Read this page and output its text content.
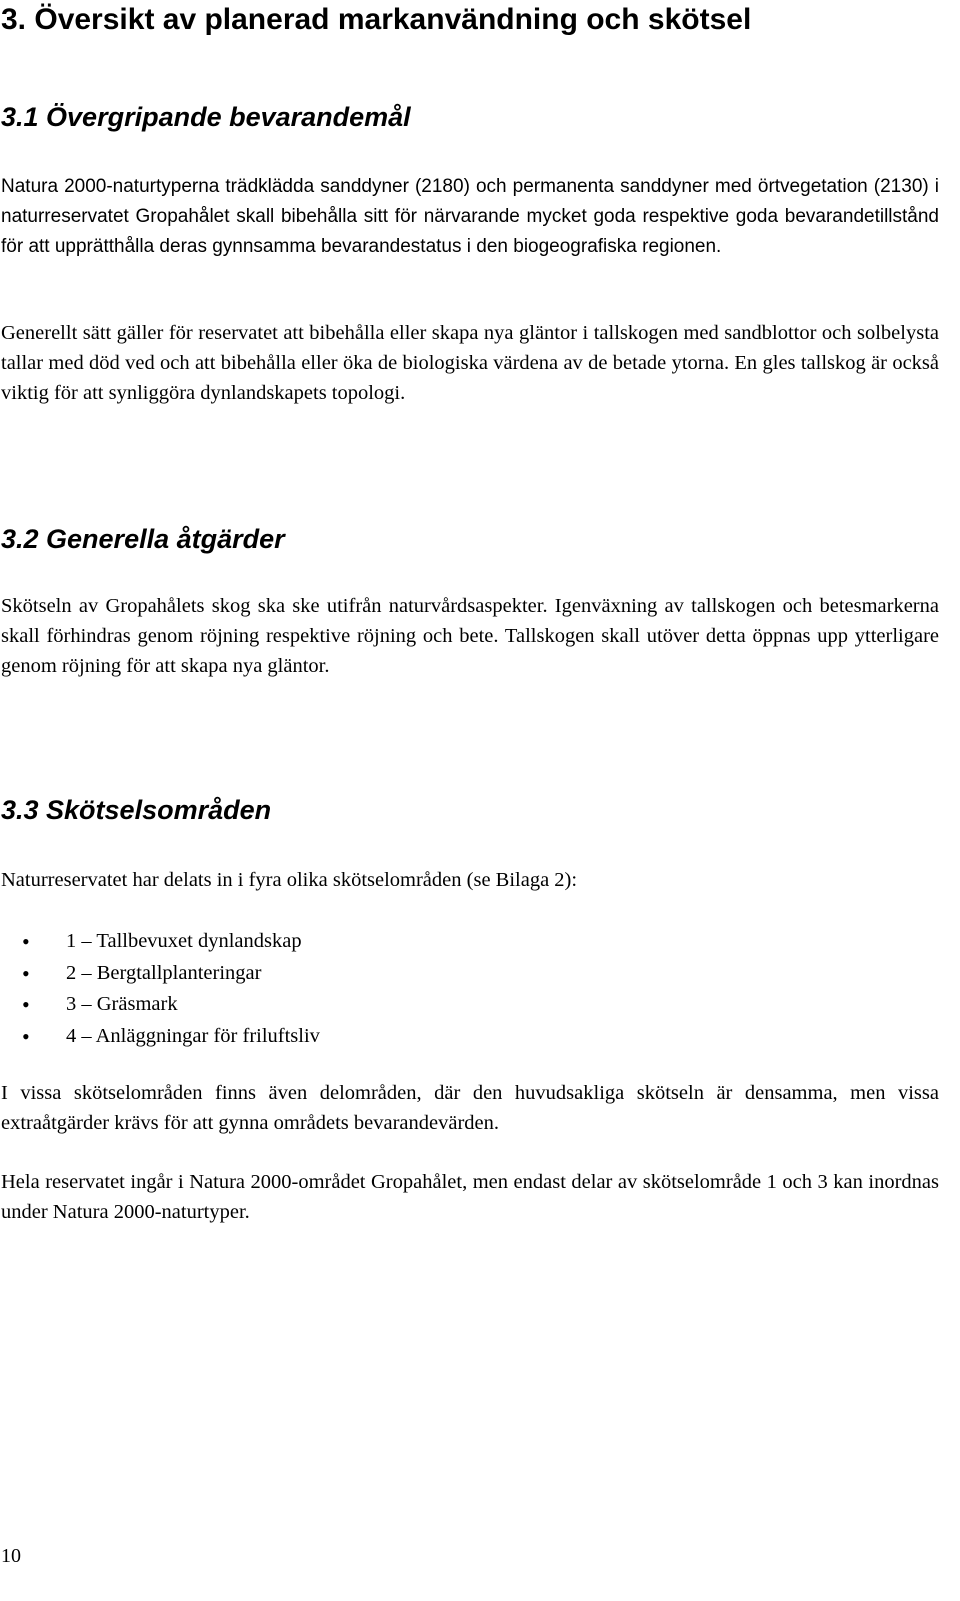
3. Översikt av planerad markanvändning och skötsel
3.1 Övergripande bevarandemål

Natura 2000-naturtyperna trädklädda sanddyner (2180) och permanenta sanddyner med örtvegetation (2130) i naturreservatet Gropahålet skall bibehålla sitt för närvarande mycket goda respektive goda bevarandetillstånd för att upprätthålla deras gynnsamma bevarandestatus i den biogeografiska regionen.

Generellt sätt gäller för reservatet att bibehålla eller skapa nya gläntor i tallskogen med sandblottor och solbelysta tallar med död ved och att bibehålla eller öka de biologiska värdena av de betade ytorna. En gles tallskog är också viktig för att synliggöra dynlandskapets topologi.

3.2 Generella åtgärder

Skötseln av Gropahålets skog ska ske utifrån naturvårdsaspekter. Igenväxning av tallskogen och betesmarkerna skall förhindras genom röjning respektive röjning och bete. Tallskogen skall utöver detta öppnas upp ytterligare genom röjning för att skapa nya gläntor.

3.3 Skötselsområden

Naturreservatet har delats in i fyra olika skötselområden (se Bilaga 2):

• 1 – Tallbevuxet dynlandskap
• 2 – Bergtallplanteringar
• 3 – Gräsmark
• 4 – Anläggningar för friluftsliv

I vissa skötselområden finns även delområden, där den huvudsakliga skötseln är densamma, men vissa extraåtgärder krävs för att gynna områdets bevarandevärden.

Hela reservatet ingår i Natura 2000-området Gropahålet, men endast delar av skötselområde 1 och 3 kan inordnas under Natura 2000-naturtyper.

10
